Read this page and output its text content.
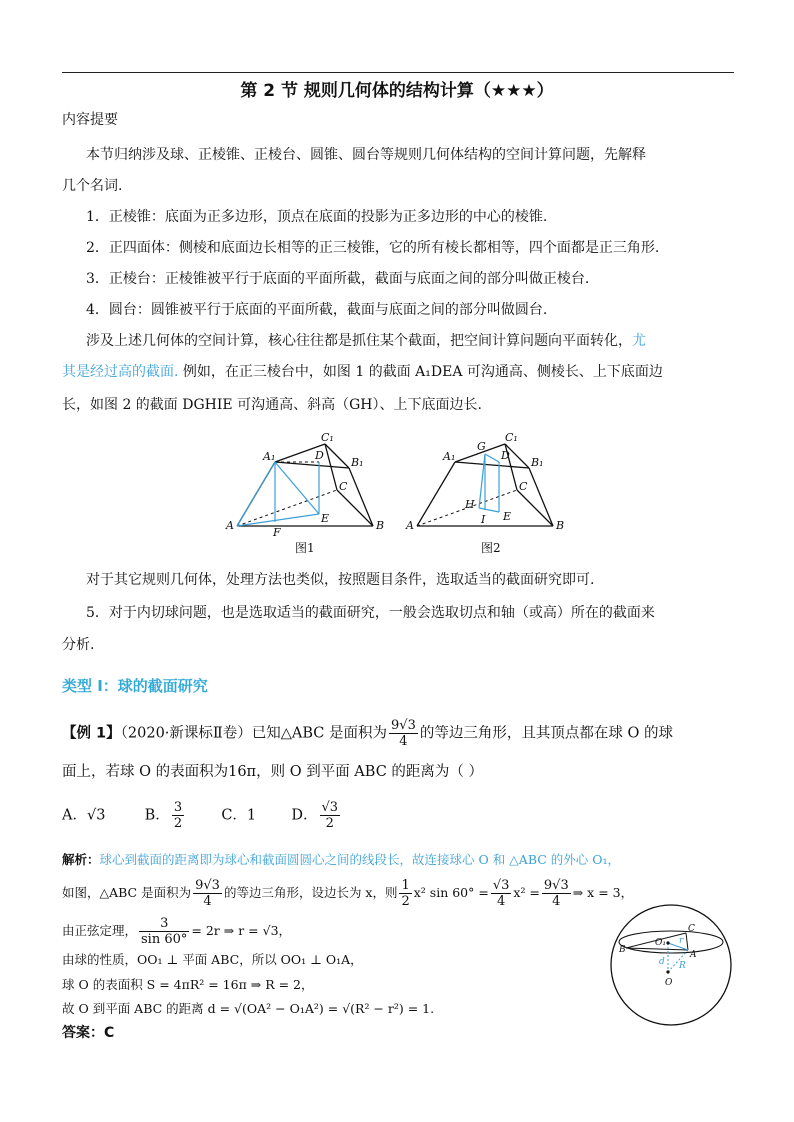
第 2 节 规则几何体的结构计算（★★★）
内容提要
本节归纳涉及球、正棱锥、正棱台、圆锥、圆台等规则几何体结构的空间计算问题，先解释
几个名词.
1．正棱锥：底面为正多边形，顶点在底面的投影为正多边形的中心的棱锥.
2．正四面体：侧棱和底面边长相等的正三棱锥，它的所有棱长都相等，四个面都是正三角形.
3．正棱台：正棱锥被平行于底面的平面所截，截面与底面之间的部分叫做正棱台.
4．圆台：圆锥被平行于底面的平面所截，截面与底面之间的部分叫做圆台.
涉及上述几何体的空间计算，核心往往都是抓住某个截面，把空间计算问题向平面转化，尤
其是经过高的截面. 例如，在正三棱台中，如图 1 的截面 A₁DEA 可沟通高、侧棱长、上下底面边
长，如图 2 的截面 DGHIE 可沟通高、斜高（GH）、上下底面边长.
A	B
C
A₁	B₁
C₁
D
E
F
图1
A	B
C
A₁	B₁
C₁
D
E
G
H
I
图2
对于其它规则几何体，处理方法也类似，按照题目条件，选取适当的截面研究即可.
5．对于内切球问题，也是选取适当的截面研究，一般会选取切点和轴（或高）所在的截面来
分析.
类型 I：球的截面研究
【例 1】（2020·新课标Ⅱ卷）已知△ABC 是面积为 $\frac{9√3}{4}$ 的等边三角形，且其顶点都在球 O 的球
面上，若球 O 的表面积为16π，则 O 到平面 ABC 的距离为（ ）
A．√3	B． $\frac{3}{2}$	C．1 D． $\frac{√3}{2}$
解析：球心到截面的距离即为球心和截面圆圆心之间的线段长，故连接球心 O 和 △ABC 的外心 O₁，
如图，△ABC 是面积为 $\frac{9√3}{4}$ 的等边三角形，设边长为 x，则 $\frac{1}{2} x^2$ $\sin 60^\circ = \frac{√3}{4} x^2 = \frac{9√3}{4}$ ⇒ x = 3，
由正弦定理， $\frac{3}{\sin 60^\circ} = 2r$ ⇒ r = √3，
由球的性质，OO₁ ⊥ 平面 ABC，所以 OO₁ ⊥ O₁A，
球 O 的表面积 S = 4πR² = 16π ⇒ R = 2，
故 O 到平面 ABC 的距离 d = √(OA² − O₁A²) = √(R² − r²) = 1.
答案：C
B
C
A
O₁
O
d R
r
